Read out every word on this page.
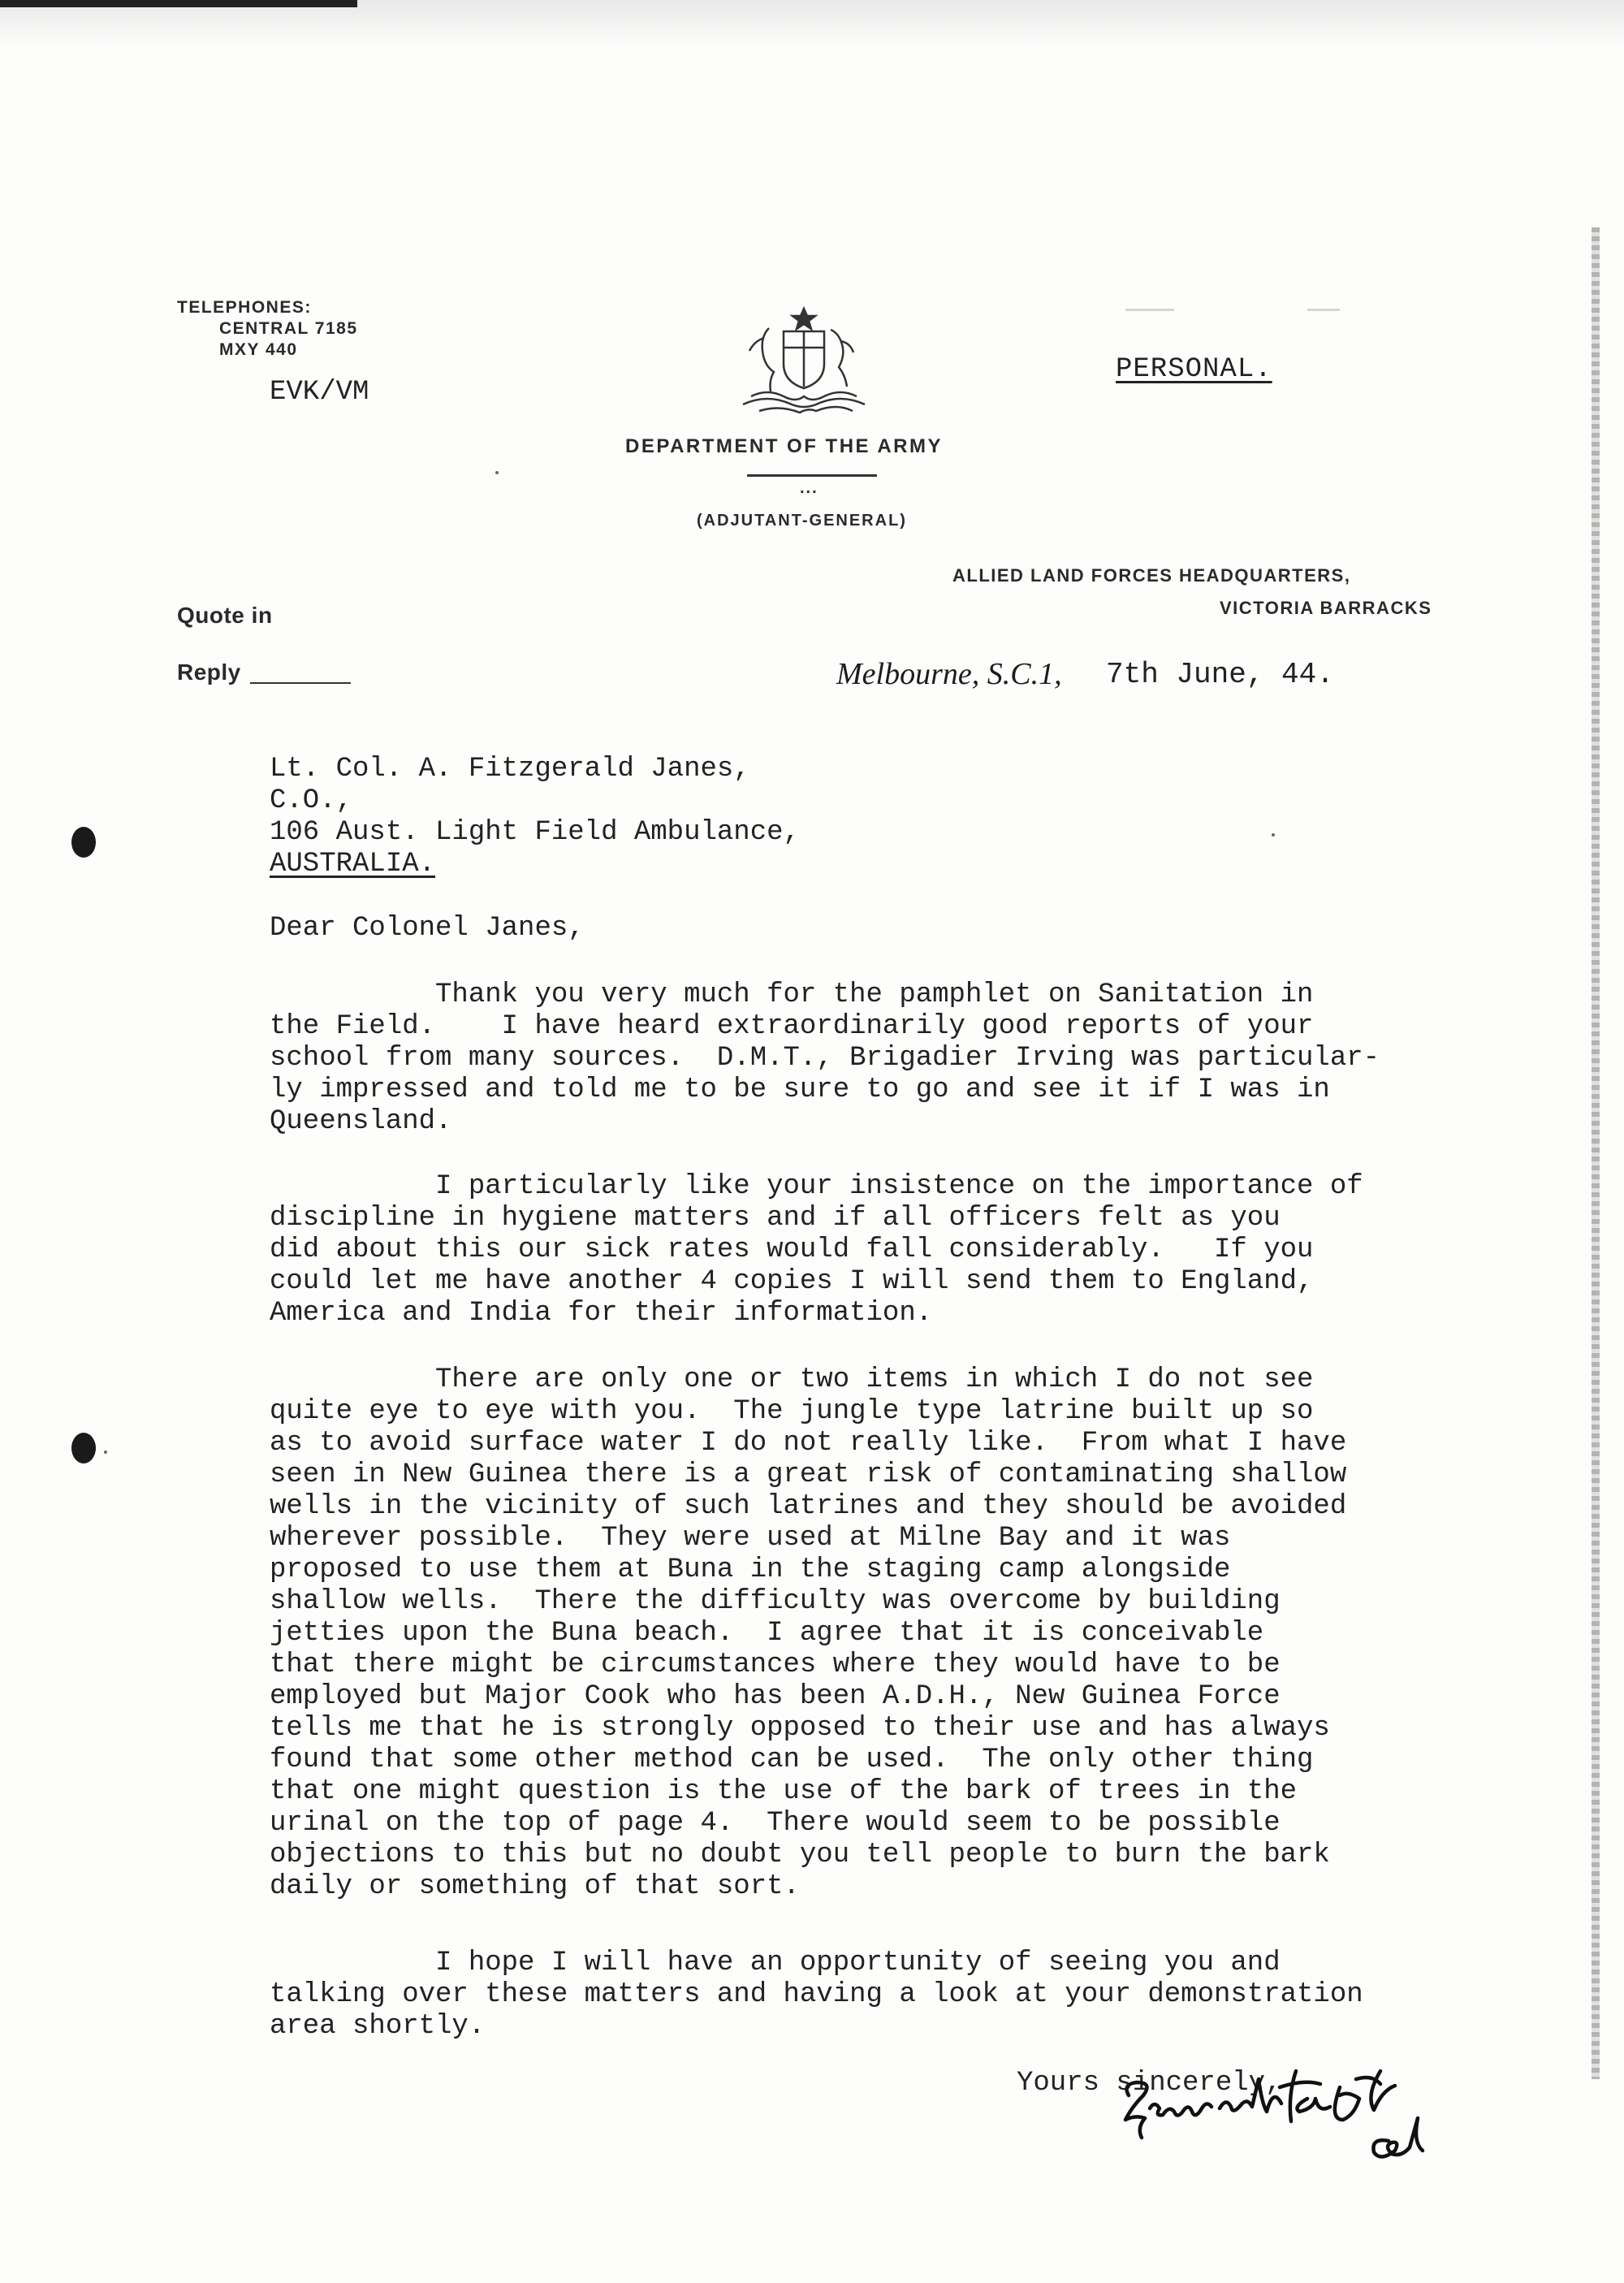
TELEPHONES:
CENTRAL 7185
MXY 440
EVK/VM
DEPARTMENT OF THE ARMY
...
(ADJUTANT-GENERAL)
PERSONAL.
ALLIED LAND FORCES HEADQUARTERS,
VICTORIA BARRACKS
Quote in
Reply	Melbourne, S.C.1, 7th June, 44.
Lt. Col. A. Fitzgerald Janes,
C.O.,
106 Aust. Light Field Ambulance,
AUSTRALIA.
Dear Colonel Janes,
Thank you very much for the pamphlet on Sanitation in
the Field.    I have heard extraordinarily good reports of your
school from many sources.  D.M.T., Brigadier Irving was particular-
ly impressed and told me to be sure to go and see it if I was in
Queensland.
I particularly like your insistence on the importance of
discipline in hygiene matters and if all officers felt as you
did about this our sick rates would fall considerably.   If you
could let me have another 4 copies I will send them to England,
America and India for their information.
There are only one or two items in which I do not see
quite eye to eye with you.  The jungle type latrine built up so
as to avoid surface water I do not really like.  From what I have
seen in New Guinea there is a great risk of contaminating shallow
wells in the vicinity of such latrines and they should be avoided
wherever possible.  They were used at Milne Bay and it was
proposed to use them at Buna in the staging camp alongside
shallow wells.  There the difficulty was overcome by building
jetties upon the Buna beach.  I agree that it is conceivable
that there might be circumstances where they would have to be
employed but Major Cook who has been A.D.H., New Guinea Force
tells me that he is strongly opposed to their use and has always
found that some other method can be used.  The only other thing
that one might question is the use of the bark of trees in the
urinal on the top of page 4.  There would seem to be possible
objections to this but no doubt you tell people to burn the bark
daily or something of that sort.
I hope I will have an opportunity of seeing you and
talking over these matters and having a look at your demonstration
area shortly.
Yours sincerely,
